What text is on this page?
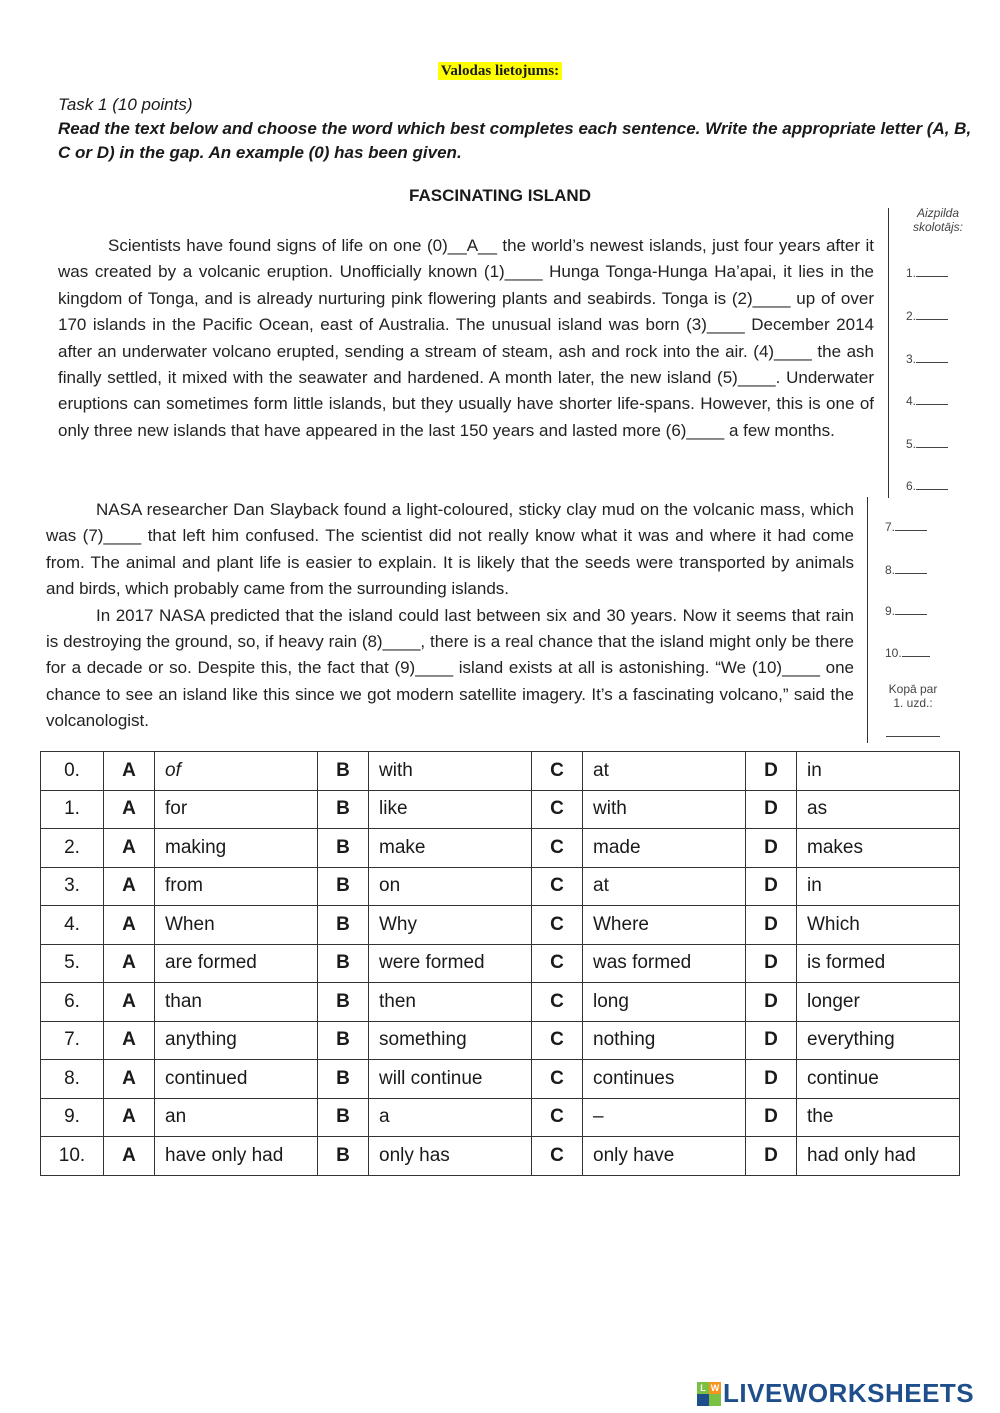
Valodas lietojums:
Task 1 (10 points)
Read the text below and choose the word which best completes each sentence. Write the appropriate letter (A, B, C or D) in the gap. An example (0) has been given.
FASCINATING ISLAND

Scientists have found signs of life on one (0)__A__ the world’s newest islands, just four years after it was created by a volcanic eruption. Unofficially known (1)____ Hunga Tonga-Hunga Ha’apai, it lies in the kingdom of Tonga, and is already nurturing pink flowering plants and seabirds. Tonga is (2)____ up of over 170 islands in the Pacific Ocean, east of Australia. The unusual island was born (3)____ December 2014 after an underwater volcano erupted, sending a stream of steam, ash and rock into the air. (4)____ the ash finally settled, it mixed with the seawater and hardened. A month later, the new island (5)____. Underwater eruptions can sometimes form little islands, but they usually have shorter life-spans. However, this is one of only three new islands that have appeared in the last 150 years and lasted more (6)____ a few months.

NASA researcher Dan Slayback found a light-coloured, sticky clay mud on the volcanic mass, which was (7)____ that left him confused. The scientist did not really know what it was and where it had come from. The animal and plant life is easier to explain. It is likely that the seeds were transported by animals and birds, which probably came from the surrounding islands.

In 2017 NASA predicted that the island could last between six and 30 years. Now it seems that rain is destroying the ground, so, if heavy rain (8)____, there is a real chance that the island might only be there for a decade or so. Despite this, the fact that (9)____ island exists at all is astonishing. “We (10)____ one chance to see an island like this since we got modern satellite imagery. It’s a fascinating volcano,” said the volcanologist.

Aizpilda
skolotājs:
1.
2.
3.
4.
5.
6.
7.
8.
9.
10.
Kopā par
1. uzd.:
0.	A	of	B	with	C	at	D	in
1.	A	for	B	like	C	with	D	as
2.	A	making	B	make	C	made	D	makes
3.	A	from	B	on	C	at	D	in
4.	A	When	B	Why	C	Where	D	Which
5.	A	are formed	B	were formed	C	was formed	D	is formed
6.	A	than	B	then	C	long	D	longer
7.	A	anything	B	something	C	nothing	D	everything
8.	A	continued	B	will continue	C	continues	D	continue
9.	A	an	B	a	C	–	D	the
10.	A	have only had	B	only has	C	only have	D	had only had
L W LIVEWORKSHEETS
